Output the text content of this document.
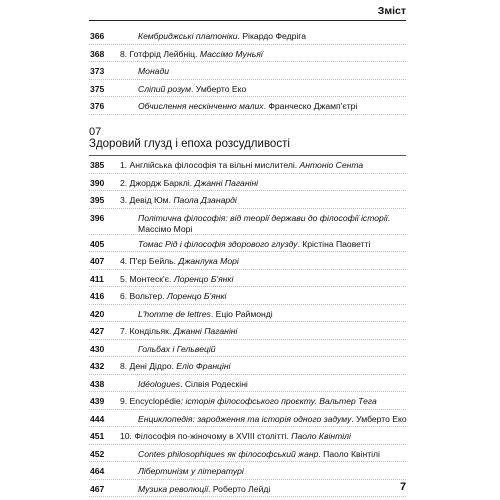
Зміст
366	Кембриджські платоніки. Рікардо Федріга
368	8. Готфрід Лейбніц. Массімо Муньяї
373	Монади
375	Сліпий розум. Умберто Еко
376	Обчислення нескінченно малих. Франческо Джамп'єтрі
07
Здоровий глузд і епоха розсудливості
385	1. Англійська філософія та вільні мислителі. Антоніо Сента
390	2. Джордж Барклі. Джанні Паганіні
395	3. Девід Юм. Паола Дзанарді
396	Політична філософія: від теорії держави до філософії історії. Массімо Морі
405	Томас Рід і філософія здорового глузду. Крістіна Паоветті
407	4. П'єр Бейль. Джанлука Морі
411	5. Монтеск'є. Лоренцо Б'янкі
416	6. Вольтер. Лоренцо Б'янкі
420	L'homme de lettres. Еціо Раймонді
427	7. Кондільяк. Джанні Паганіні
430	Гольбах і Гельвецій
432	8. Дені Дідро. Еліо Франціні
438	Idéologues. Сілвія Родескіні
439	9. Encyclopédie: історія філософського проєкту. Вальтер Тега
444	Енциклопедія: зародження та історія одного задуму. Умберто Еко
451	10. Філософія по-жіночому в XVIII столітті. Паоло Квінтілі
452	Contes philosophiques як філософський жанр. Паоло Квінтілі
464	Лібертинізм у літературі
467	Музика революції. Роберто Лейді	7
